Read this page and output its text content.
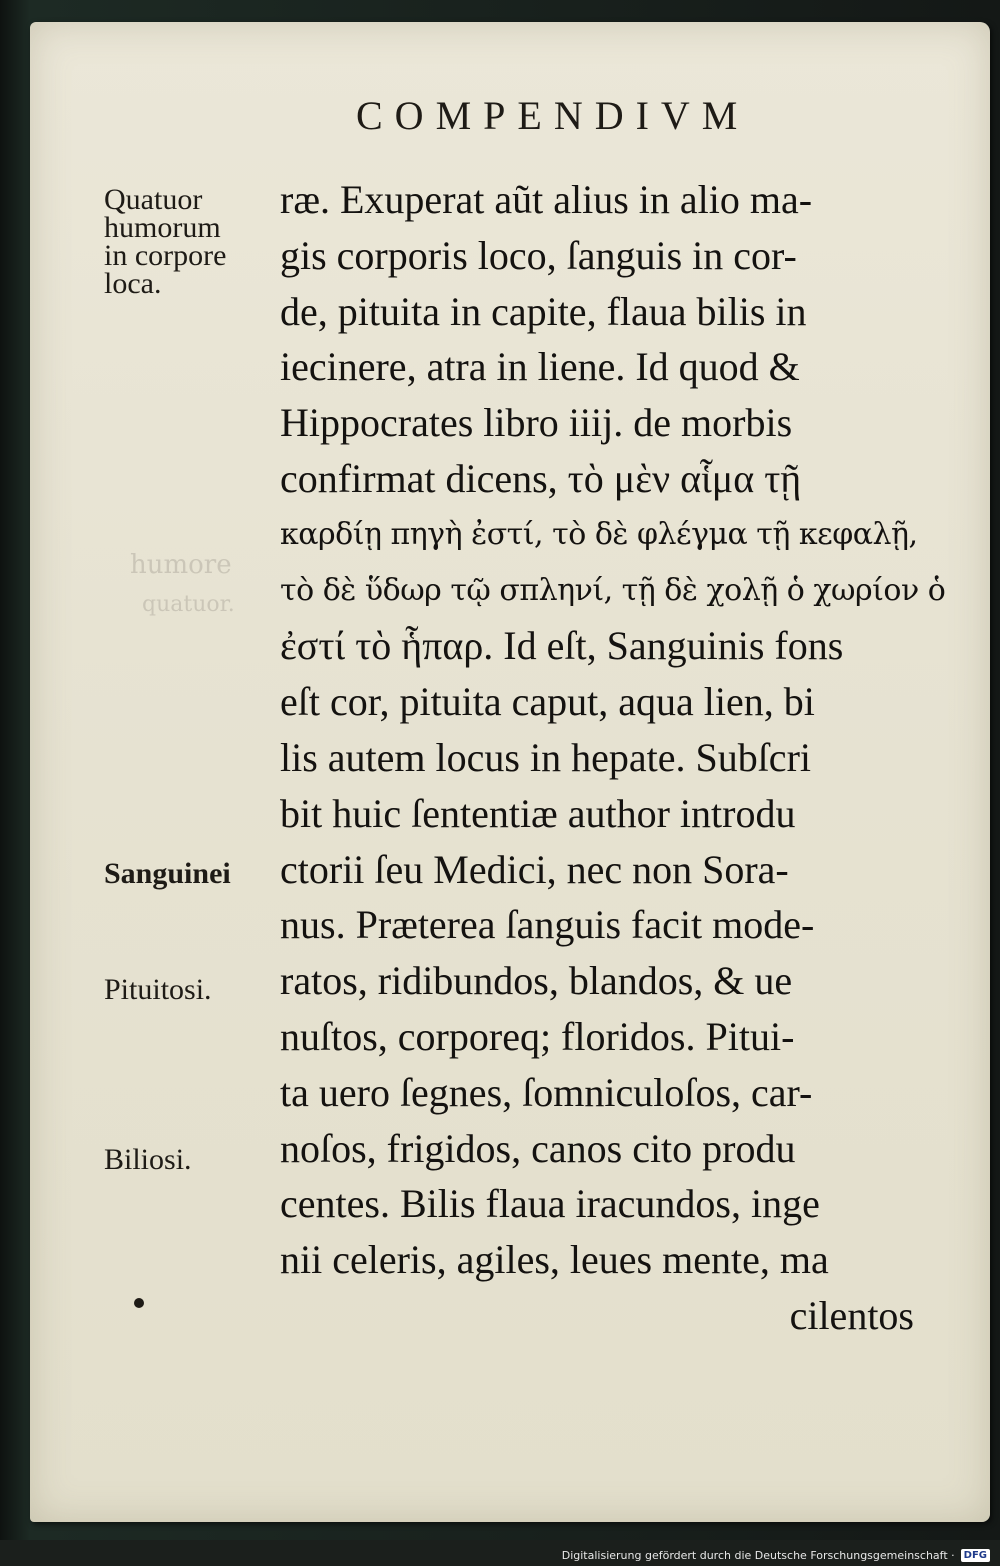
humore
quatuor.
COMPENDIVM
Quatuor
humorum
in corpore
loca.
Sanguinei
Pituitosi.
Biliosi.
ræ. Exuperat aũt alius in alio ma-
gis corporis loco, ſanguis in cor-
de, pituita in capite, flaua bilis in
iecinere, atra in liene. Id quod &
Hippocrates libro iiij. de morbis
confirmat dicens, τὸ μὲν αἷμα τῇ
καρδίῃ πηγὴ ἐστί, τὸ δὲ φλέγμα τῇ κεφαλῇ,
τὸ δὲ ὕδωρ τῷ σπληνί, τῇ δὲ χολῇ ὁ χωρίον ὁ
ἐστί τὸ ἧπαρ. Id eſt, Sanguinis fons
eſt cor, pituita caput, aqua lien, bi
lis autem locus in hepate. Subſcri
bit huic ſententiæ author introdu
ctorii ſeu Medici, nec non Sora-
nus. Præterea ſanguis facit mode-
ratos, ridibundos, blandos, & ue
nuſtos, corporeq; floridos. Pitui-
ta uero ſegnes, ſomniculoſos, car-
noſos, frigidos, canos cito produ
centes. Bilis flaua iracundos, inge
nii celeris, agiles, leues mente, ma
cilentos
Digitalisierung gefördert durch die Deutsche Forschungsgemeinschaft · DFG
